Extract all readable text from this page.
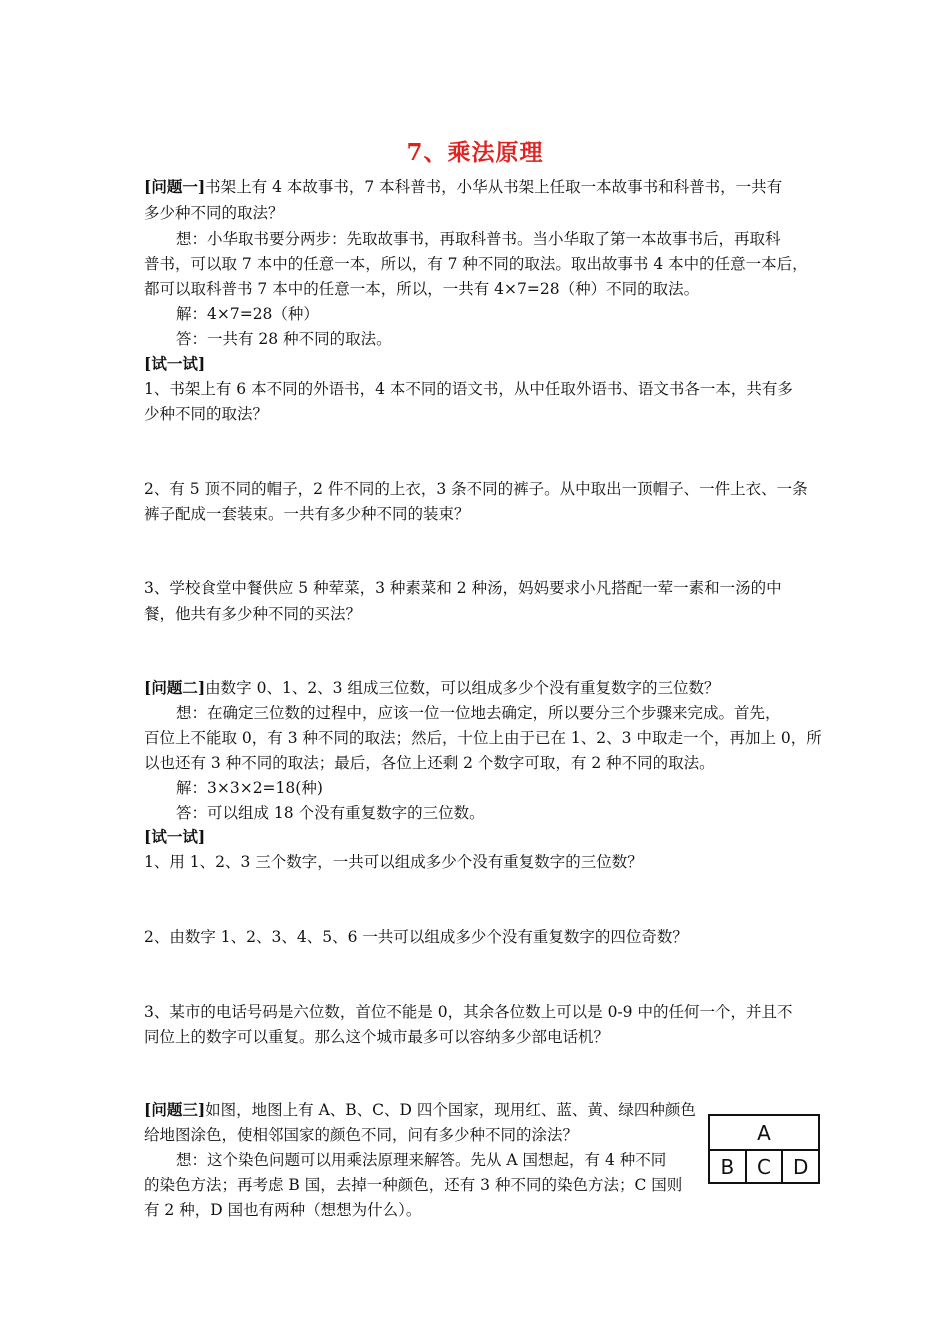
7、乘法原理
[问题一]书架上有 4 本故事书，7 本科普书，小华从书架上任取一本故事书和科普书，一共有
多少种不同的取法？
想：小华取书要分两步：先取故事书，再取科普书。当小华取了第一本故事书后，再取科
普书，可以取 7 本中的任意一本，所以，有 7 种不同的取法。取出故事书 4 本中的任意一本后，
都可以取科普书 7 本中的任意一本，所以，一共有 4×7=28（种）不同的取法。
解：4×7=28（种）
答：一共有 28 种不同的取法。
[试一试]
1、书架上有 6 本不同的外语书，4 本不同的语文书，从中任取外语书、语文书各一本，共有多
少种不同的取法？
2、有 5 顶不同的帽子，2 件不同的上衣，3 条不同的裤子。从中取出一顶帽子、一件上衣、一条
裤子配成一套装束。一共有多少种不同的装束？
3、学校食堂中餐供应 5 种荤菜，3 种素菜和 2 种汤，妈妈要求小凡搭配一荤一素和一汤的中
餐，他共有多少种不同的买法？
[问题二]由数字 0、1、2、3 组成三位数，可以组成多少个没有重复数字的三位数？
想：在确定三位数的过程中，应该一位一位地去确定，所以要分三个步骤来完成。首先，
百位上不能取 0，有 3 种不同的取法；然后，十位上由于已在 1、2、3 中取走一个，再加上 0，所
以也还有 3 种不同的取法；最后，各位上还剩 2 个数字可取，有 2 种不同的取法。
解：3×3×2=18(种)
答：可以组成 18 个没有重复数字的三位数。
[试一试]
1、用 1、2、3 三个数字，一共可以组成多少个没有重复数字的三位数？
2、由数字 1、2、3、4、5、6 一共可以组成多少个没有重复数字的四位奇数？
3、某市的电话号码是六位数，首位不能是 0，其余各位数上可以是 0-9 中的任何一个，并且不
同位上的数字可以重复。那么这个城市最多可以容纳多少部电话机？
[问题三]如图，地图上有 A、B、C、D 四个国家，现用红、蓝、黄、绿四种颜色
给地图涂色，使相邻国家的颜色不同，问有多少种不同的涂法？
想：这个染色问题可以用乘法原理来解答。先从 A 国想起，有 4 种不同
的染色方法；再考虑 B 国，去掉一种颜色，还有 3 种不同的染色方法；C 国则
有 2 种，D 国也有两种（想想为什么）。
A
B	C	D
